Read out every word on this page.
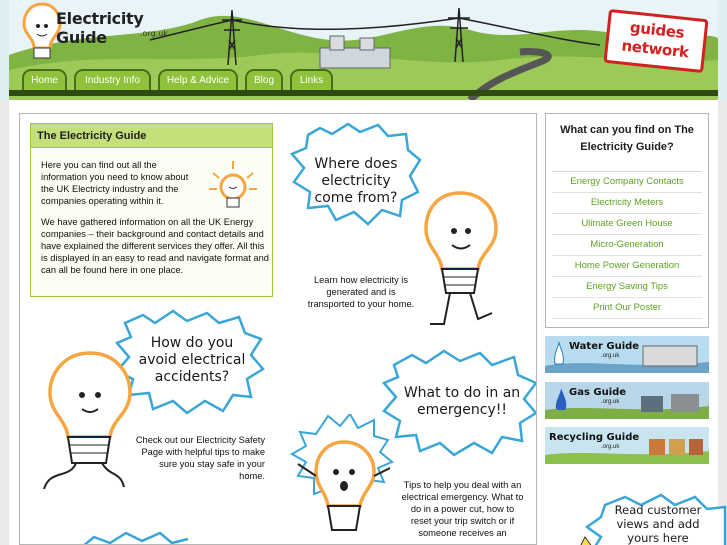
Electricity Guide	.org.uk	guides
network
Home	Industry Info	Help & Advice	Blog	Links
The Electricity Guide

Here you can find out all the information you need to know about the UK Electricty industry and the companies operating within it.

We have gathered information on all the UK Energy companies – their background and contact details and have explained the different services they offer. All this is displayed in an easy to read and navigate format and can all be found here in one place.

Where does electricity come from?
Learn how electricity is generated and is transported to your home.
How do you avoid electrical accidents?
Check out our Electricity Safety Page with helpful tips to make sure you stay safe in your home.
What to do in an emergency!!
Tips to help you deal with an electrical emergency. What to do in a power cut, how to reset your trip switch or if someone receives an
What can you find on The Electricity Guide?
Energy Company Contacts
Electricity Meters
Ulimate Green House
Micro-Generation
Home Power Generation
Energy Saving Tips
Print Our Poster
Water Guide
.org.uk
Gas Guide
.org.uk
Recycling Guide
.org.uk
Read customer views and add yours here
